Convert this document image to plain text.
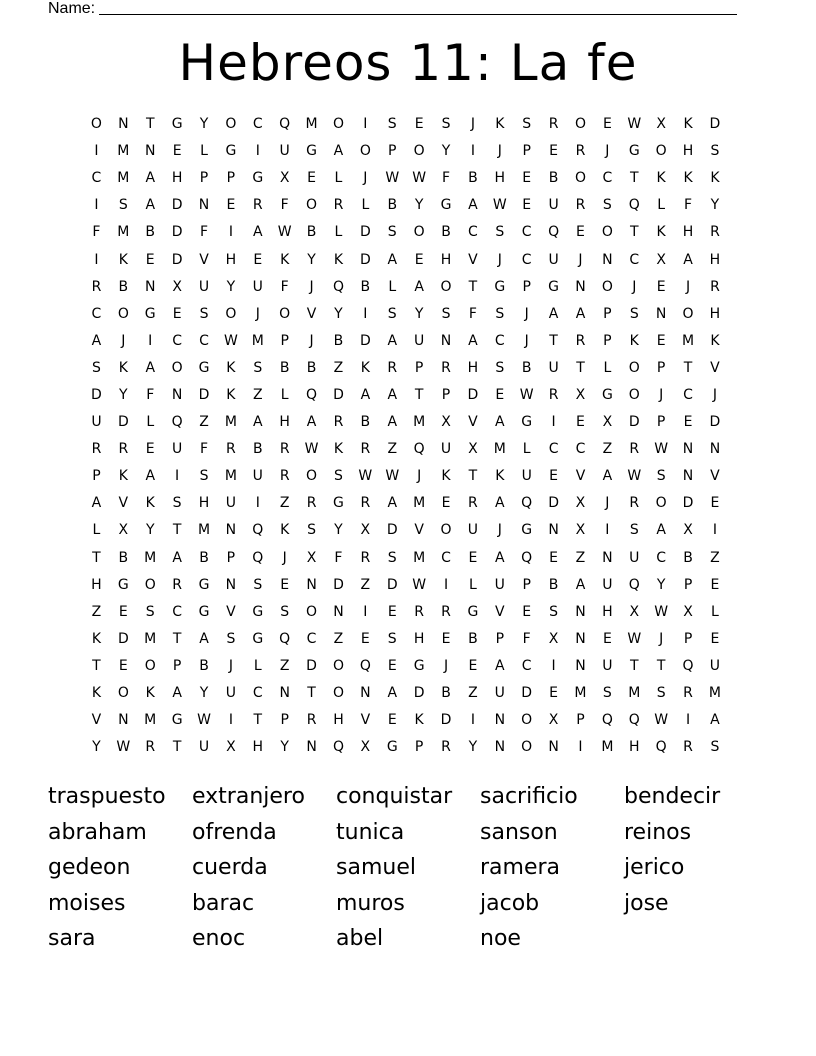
Name:
Hebreos 11: La fe
O	N	T	G	Y	O	C	Q	M	O	I	S	E	S	J	K	S	R	O	E	W	X	K	D
I	M	N	E	L	G	I	U	G	A	O	P	O	Y	I	J	P	E	R	J	G	O	H	S
C	M	A	H	P	P	G	X	E	L	J	W W	F	B	H	E	B	O	C	T	K	K	K
I	S	A	D	N	E	R	F	O	R	L	B	Y	G	A	W	E	U	R	S	Q	L	F	Y
F	M	B	D	F	I	A	W	B	L	D	S	O	B	C	S	C	Q	E	O	T	K	H	R
I	K	E	D	V	H	E	K	Y	K	D	A	E	H	V	J	C	U	J	N	C	X	A	H
R	B	N	X	U	Y	U	F	J	Q	B	L	A	O	T	G	P	G	N	O	J	E	J	R
C	O	G	E	S	O	J	O	V	Y	I	S	Y	S	F	S	J	A	A	P	S	N	O	H
A	J	I	C	C	W M	P	J	B	D	A	U	N	A	C	J	T	R	P	K	E	M	K
S	K	A	O	G	K	S	B	B	Z	K	R	P	R	H	S	B	U	T	L	O	P	T	V
D	Y	F	N	D	K	Z	L	Q	D	A	A	T	P	D	E	W	R	X	G	O	J	C	J
U	D	L	Q	Z	M	A	H	A	R	B	A	M	X	V	A	G	I	E	X	D	P	E	D
R	R	E	U	F	R	B	R	W	K	R	Z	Q	U	X	M	L	C	C	Z	R	W	N	N
P	K	A	I	S	M	U	R	O	S	W W	J	K	T	K	U	E	V	A	W	S	N	V
A	V	K	S	H	U	I	Z	R	G	R	A	M	E	R	A	Q	D	X	J	R	O	D	E
L	X	Y	T	M	N	Q	K	S	Y	X	D	V	O	U	J	G	N	X	I	S	A	X	I
T	B	M	A	B	P	Q	J	X	F	R	S	M	C	E	A	Q	E	Z	N	U	C	B	Z
H	G	O	R	G	N	S	E	N	D	Z	D	W	I	L	U	P	B	A	U	Q	Y	P	E
Z	E	S	C	G	V	G	S	O	N	I	E	R	R	G	V	E	S	N	H	X	W	X	L
K	D	M	T	A	S	G	Q	C	Z	E	S	H	E	B	P	F	X	N	E	W	J	P	E
T	E	O	P	B	J	L	Z	D	O	Q	E	G	J	E	A	C	I	N	U	T	T	Q	U
K	O	K	A	Y	U	C	N	T	O	N	A	D	B	Z	U	D	E	M	S	M	S	R	M
V	N	M	G	W	I	T	P	R	H	V	E	K	D	I	N	O	X	P	Q	Q	W	I	A
Y	W	R	T	U	X	H	Y	N	Q	X	G	P	R	Y	N	O	N	I	M	H	Q	R	S
traspuesto	extranjero	conquistar	sacrificio	bendecir
abraham	ofrenda	tunica	sanson	reinos
gedeon	cuerda	samuel	ramera	jerico
moises	barac	muros	jacob	jose
sara	enoc	abel	noe
